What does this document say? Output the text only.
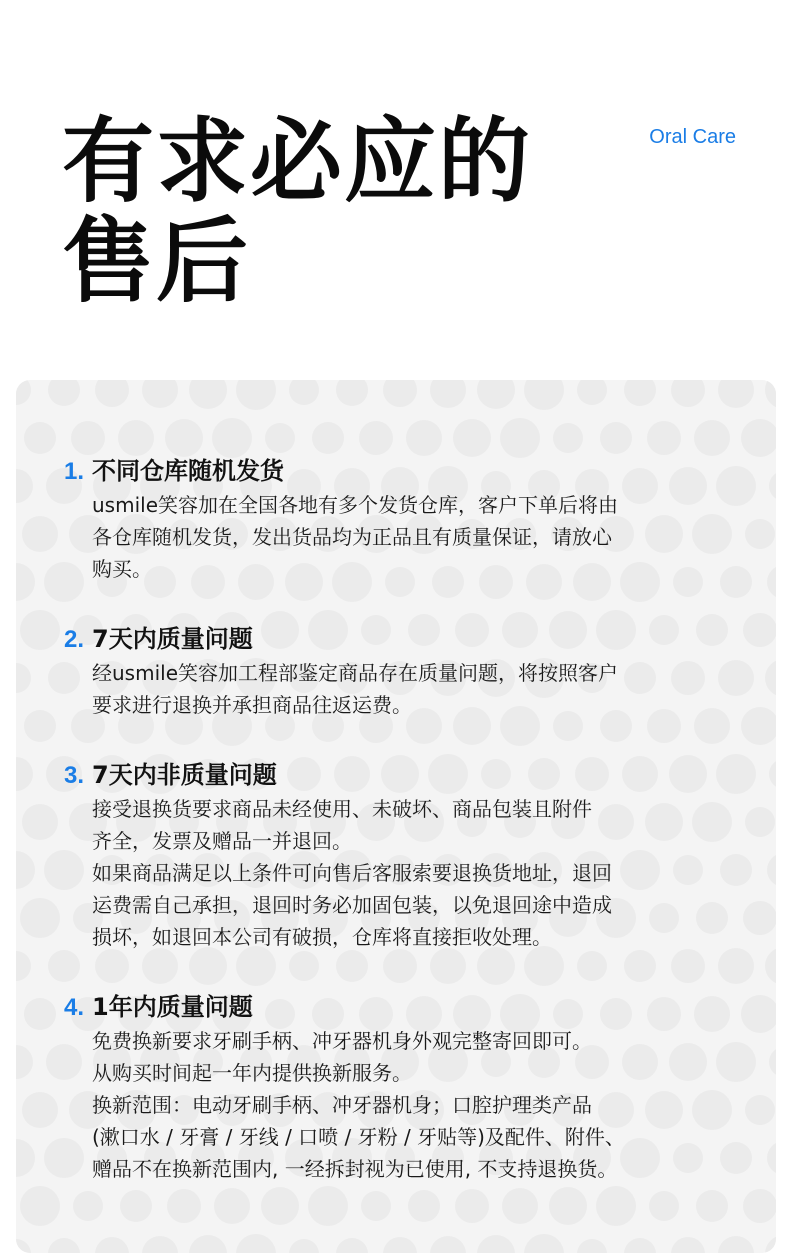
有求必应的
售后

Oral Care

1. 不同仓库随机发货

usmile笑容加在全国各地有多个发货仓库，客户下单后将由

各仓库随机发货，发出货品均为正品且有质量保证，请放心

购买。

2. 7天内质量问题

经usmile笑容加工程部鉴定商品存在质量问题，将按照客户

要求进行退换并承担商品往返运费。

3. 7天内非质量问题

接受退换货要求商品未经使用、未破坏、商品包装且附件

齐全，发票及赠品一并退回。

如果商品满足以上条件可向售后客服索要退换货地址，退回

运费需自己承担，退回时务必加固包装，以免退回途中造成

损坏，如退回本公司有破损，仓库将直接拒收处理。

4. 1年内质量问题

免费换新要求牙刷手柄、冲牙器机身外观完整寄回即可。

从购买时间起一年内提供换新服务。

换新范围：电动牙刷手柄、冲牙器机身；口腔护理类产品

(漱口水 / 牙膏 / 牙线 / 口喷 / 牙粉 / 牙贴等)及配件、附件、

赠品不在换新范围内, 一经拆封视为已使用, 不支持退换货。
